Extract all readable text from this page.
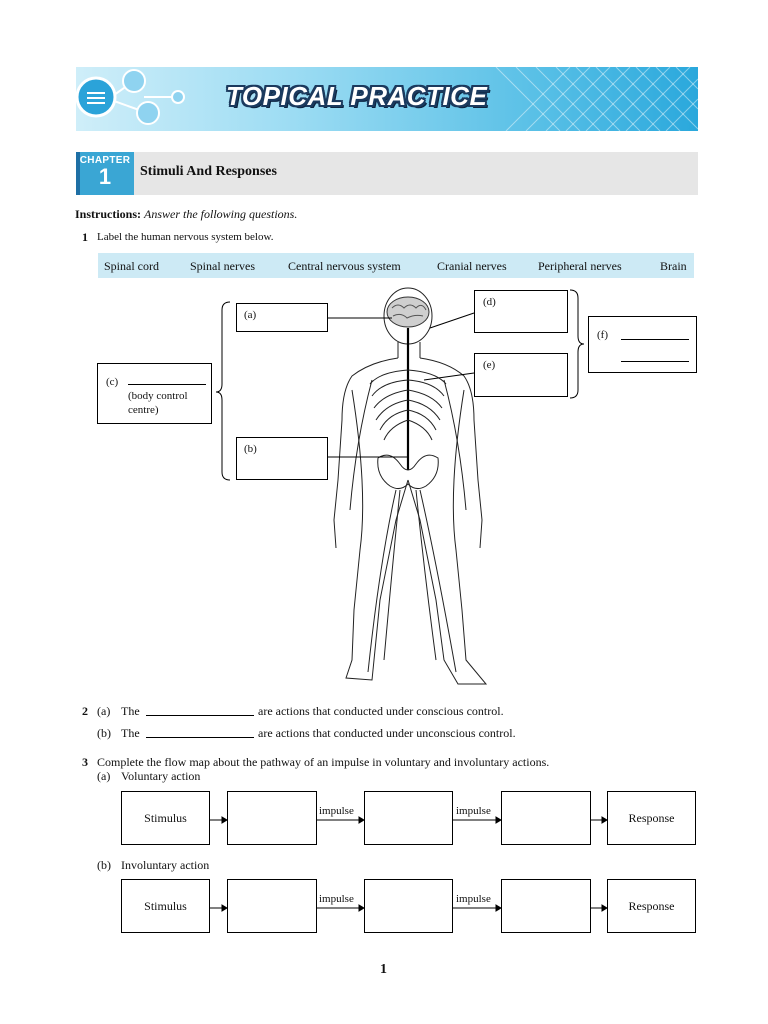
TOPICAL PRACTICE
CHAPTER
1	Stimuli And Responses
Instructions: Answer the following questions.
1 Label the human nervous system below.
Spinal cord	Spinal nerves	Central nervous system	Cranial nerves	Peripheral nerves	Brain
(a)
(b)
(c)
(body control
centre)
(d)
(e)
(f)
2 (a) The	are actions that conducted under conscious control.
(b) The	are actions that conducted under unconscious control.
3 Complete the flow map about the pathway of an impulse in voluntary and involuntary actions.
(a) Voluntary action
Stimulus	Response
impulse	impulse
(b) Involuntary action
Stimulus	Response
impulse	impulse
1
